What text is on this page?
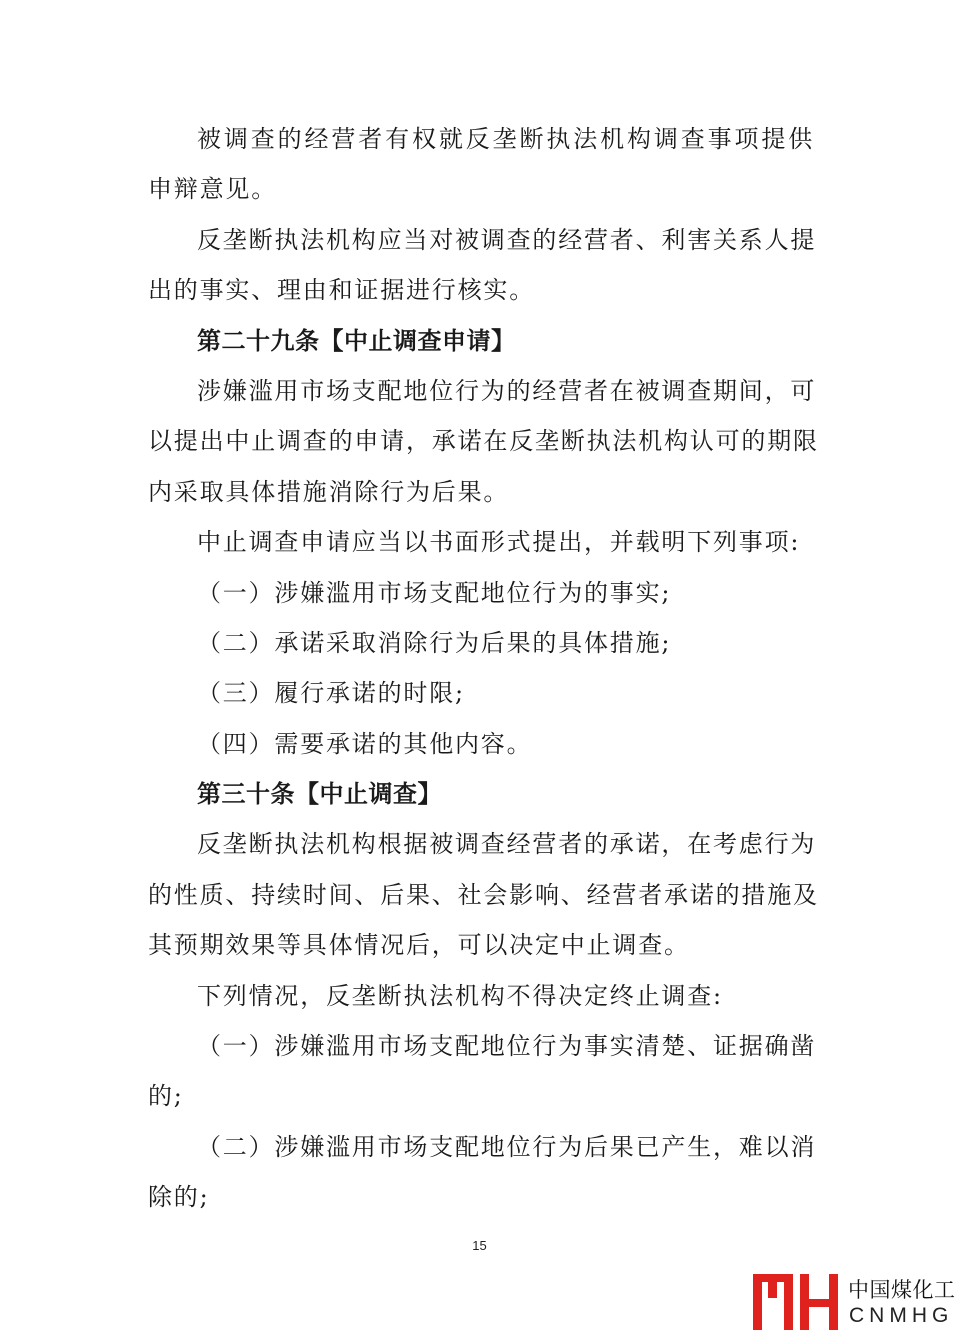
被调查的经营者有权就反垄断执法机构调查事项提供
申辩意见。
反垄断执法机构应当对被调查的经营者、利害关系人提
出的事实、理由和证据进行核实。
第二十九条【中止调查申请】
涉嫌滥用市场支配地位行为的经营者在被调查期间，可
以提出中止调查的申请，承诺在反垄断执法机构认可的期限
内采取具体措施消除行为后果。
中止调查申请应当以书面形式提出，并载明下列事项:
（一）涉嫌滥用市场支配地位行为的事实;
（二）承诺采取消除行为后果的具体措施;
（三）履行承诺的时限;
（四）需要承诺的其他内容。
第三十条【中止调查】
反垄断执法机构根据被调查经营者的承诺，在考虑行为
的性质、持续时间、后果、社会影响、经营者承诺的措施及
其预期效果等具体情况后，可以决定中止调查。
下列情况，反垄断执法机构不得决定终止调查:
（一）涉嫌滥用市场支配地位行为事实清楚、证据确凿
的;
（二）涉嫌滥用市场支配地位行为后果已产生，难以消
除的;
15
中国煤化工
CNMHG
